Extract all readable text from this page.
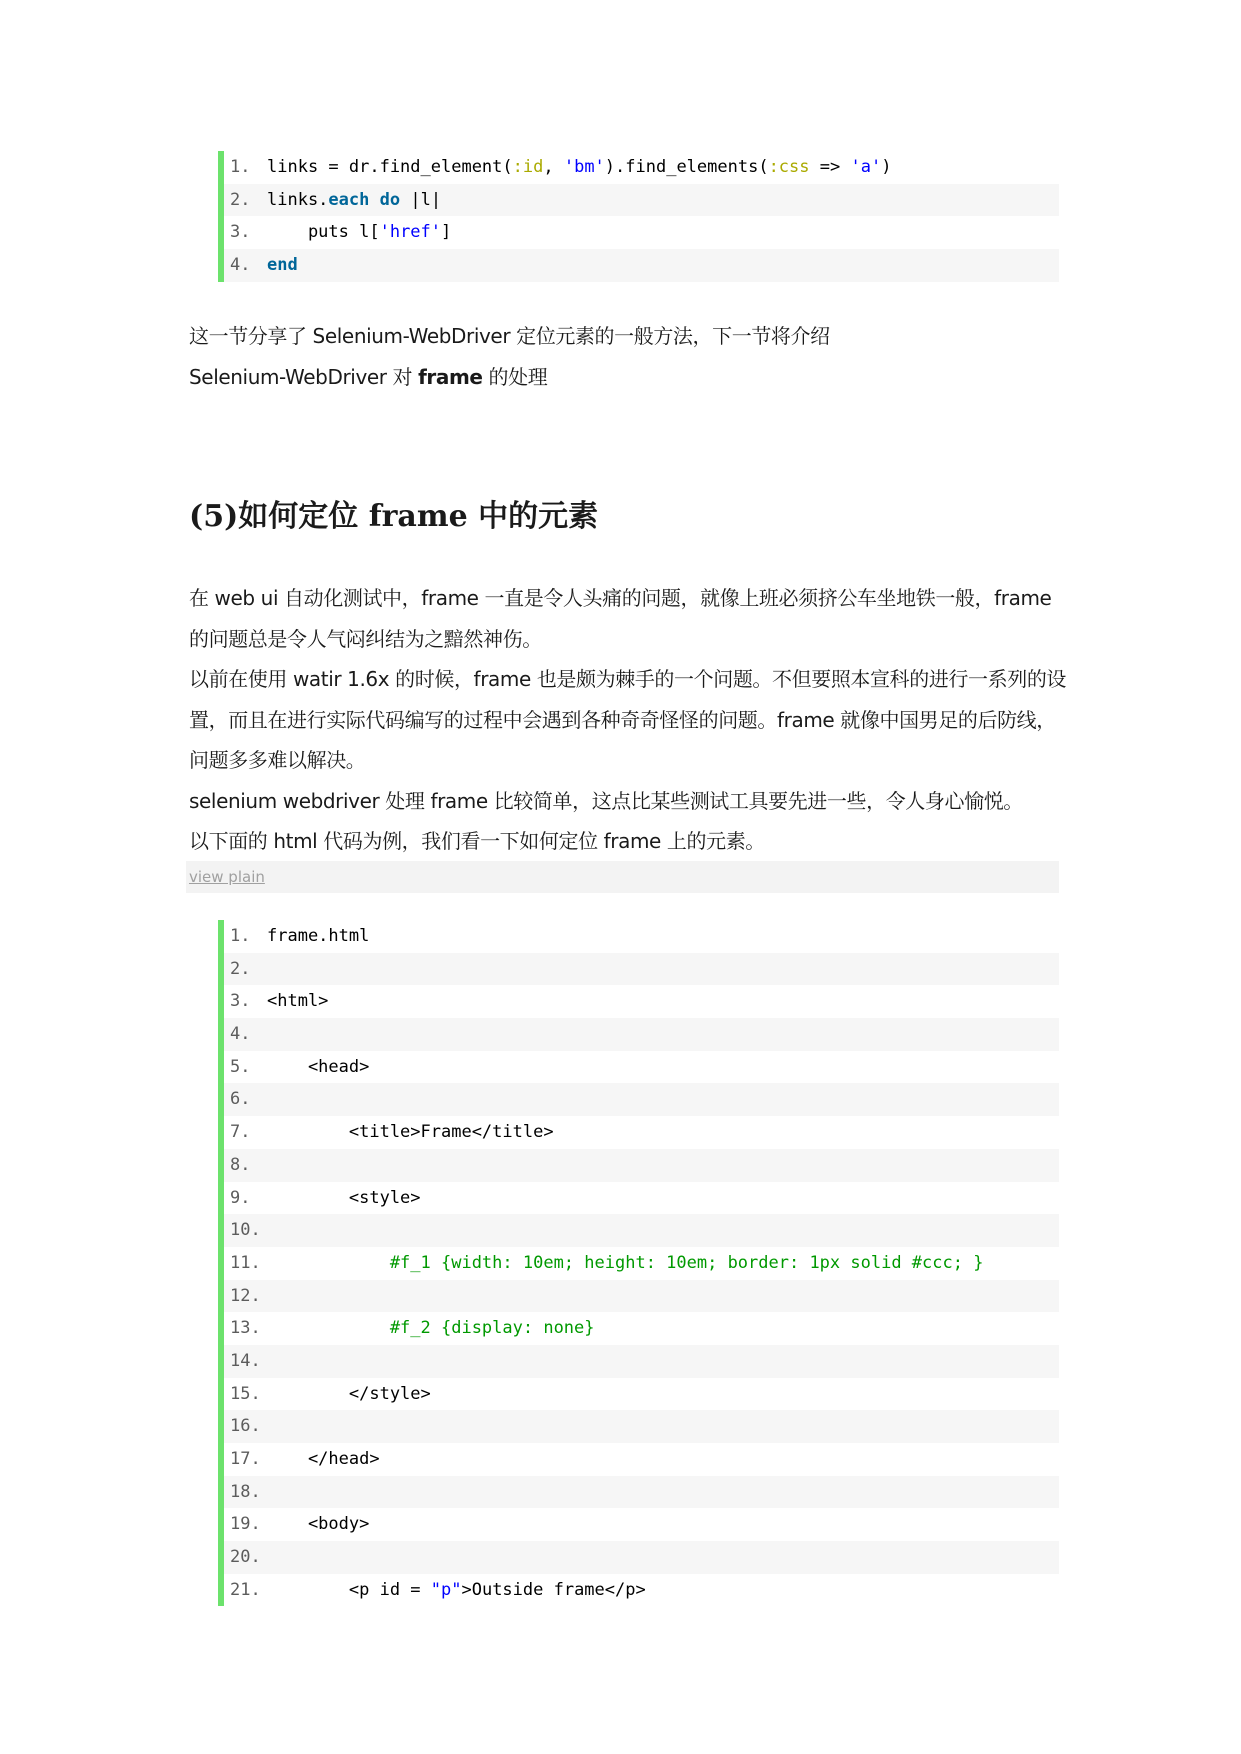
1. links = dr.find_element(:id, 'bm').find_elements(:css => 'a')
2. links.each do |l|
3. puts l['href']
4. end

这一节分享了 Selenium-WebDriver 定位元素的一般方法，下一节将介绍
Selenium-WebDriver 对 frame 的处理

(5)如何定位 frame 中的元素

在 web ui 自动化测试中，frame 一直是令人头痛的问题，就像上班必须挤公车坐地铁一般，frame 的问题总是令人气闷纠结为之黯然神伤。

以前在使用 watir 1.6x 的时候，frame 也是颇为棘手的一个问题。不但要照本宣科的进行一系列的设置，而且在进行实际代码编写的过程中会遇到各种奇奇怪怪的问题。frame 就像中国男足的后防线，问题多多难以解决。

selenium webdriver 处理 frame 比较简单，这点比某些测试工具要先进一些，令人身心愉悦。

以下面的 html 代码为例，我们看一下如何定位 frame 上的元素。

view plain
1. frame.html
2.
3. <html>
4.
5. <head>
6.
7. <title>Frame</title>
8.
9. <style>
10.
11. #f_1 {width: 10em; height: 10em; border: 1px solid #ccc; }
12.
13. #f_2 {display: none}
14.
15. </style>
16.
17. </head>
18.
19. <body>
20.
21. <p id = "p">Outside frame</p>
